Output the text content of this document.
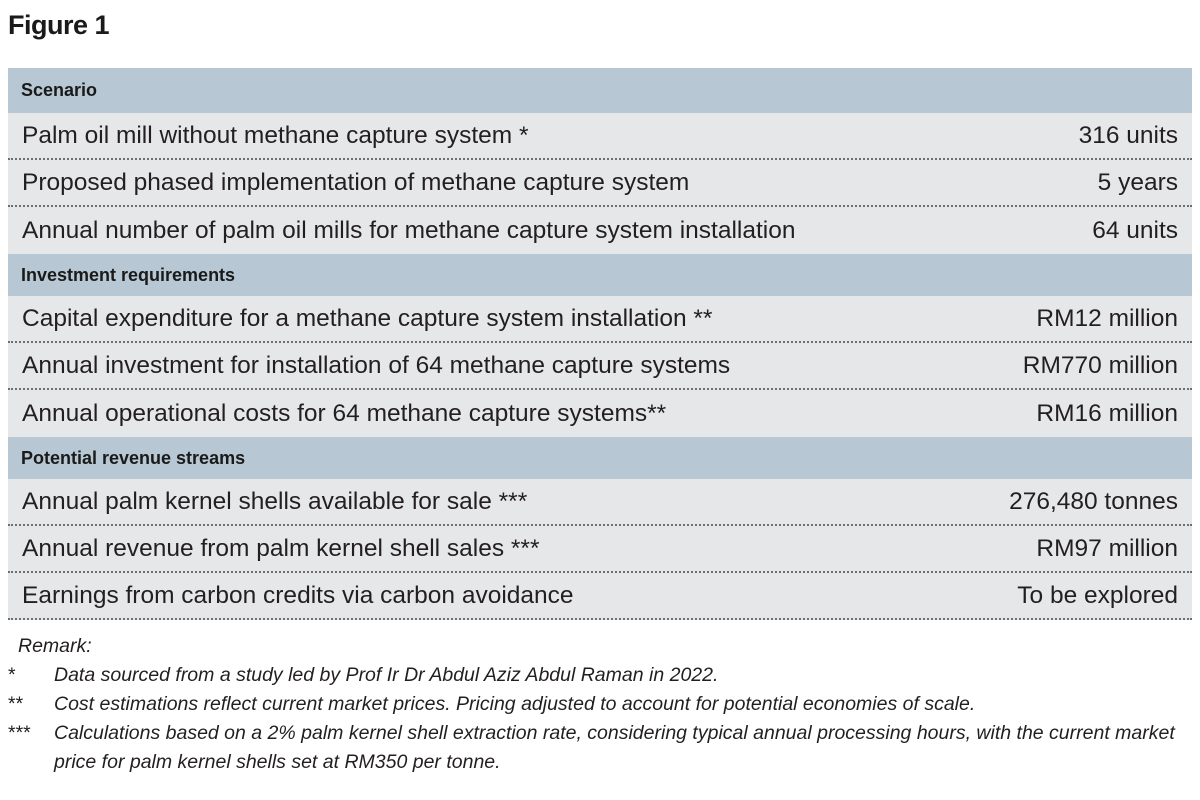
Figure 1
Scenario
Palm oil mill without methane capture system *	316 units
Proposed phased implementation of methane capture system	5 years
Annual number of palm oil mills for methane capture system installation	64 units
Investment requirements
Capital expenditure for a methane capture system installation **	RM12 million
Annual investment for installation of 64 methane capture systems	RM770 million
Annual operational costs for 64 methane capture systems**	RM16 million
Potential revenue streams
Annual palm kernel shells available for sale ***	276,480 tonnes
Annual revenue from palm kernel shell sales ***	RM97 million
Earnings from carbon credits via carbon avoidance	To be explored
Remark:
*	Data sourced from a study led by Prof Ir Dr Abdul Aziz Abdul Raman in 2022.
**	Cost estimations reflect current market prices. Pricing adjusted to account for potential economies of scale.
***	Calculations based on a 2% palm kernel shell extraction rate, considering typical annual processing hours, with the current market price for palm kernel shells set at RM350 per tonne.
